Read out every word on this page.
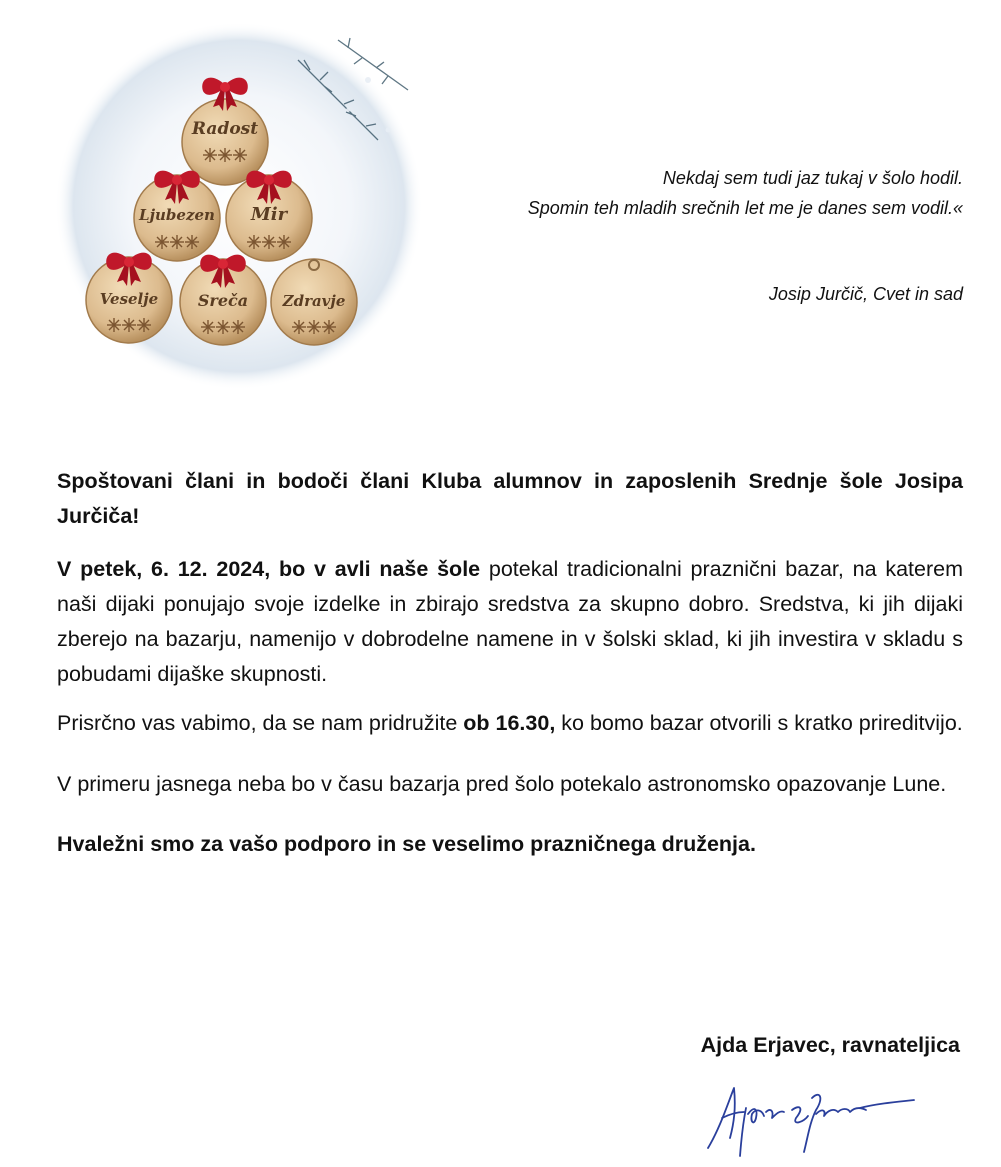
Radost
Ljubezen Mir
Veselje Sreča Zdravje
Nekdaj sem tudi jaz tukaj v šolo hodil.
Spomin teh mladih srečnih let me je danes sem vodil.«
Josip Jurčič, Cvet in sad

Spoštovani člani in bodoči člani Kluba alumnov in zaposlenih Srednje šole Josipa Jurčiča!

V petek, 6. 12. 2024, bo v avli naše šole potekal tradicionalni praznični bazar, na katerem naši dijaki ponujajo svoje izdelke in zbirajo sredstva za skupno dobro. Sredstva, ki jih dijaki zberejo na bazarju, namenijo v dobrodelne namene in v šolski sklad, ki jih investira v skladu s pobudami dijaške skupnosti.

Prisrčno vas vabimo, da se nam pridružite ob 16.30, ko bomo bazar otvorili s kratko prireditvijo.

V primeru jasnega neba bo v času bazarja pred šolo potekalo astronomsko opazovanje Lune.

Hvaležni smo za vašo podporo in se veselimo prazničnega druženja.

Ajda Erjavec, ravnateljica
